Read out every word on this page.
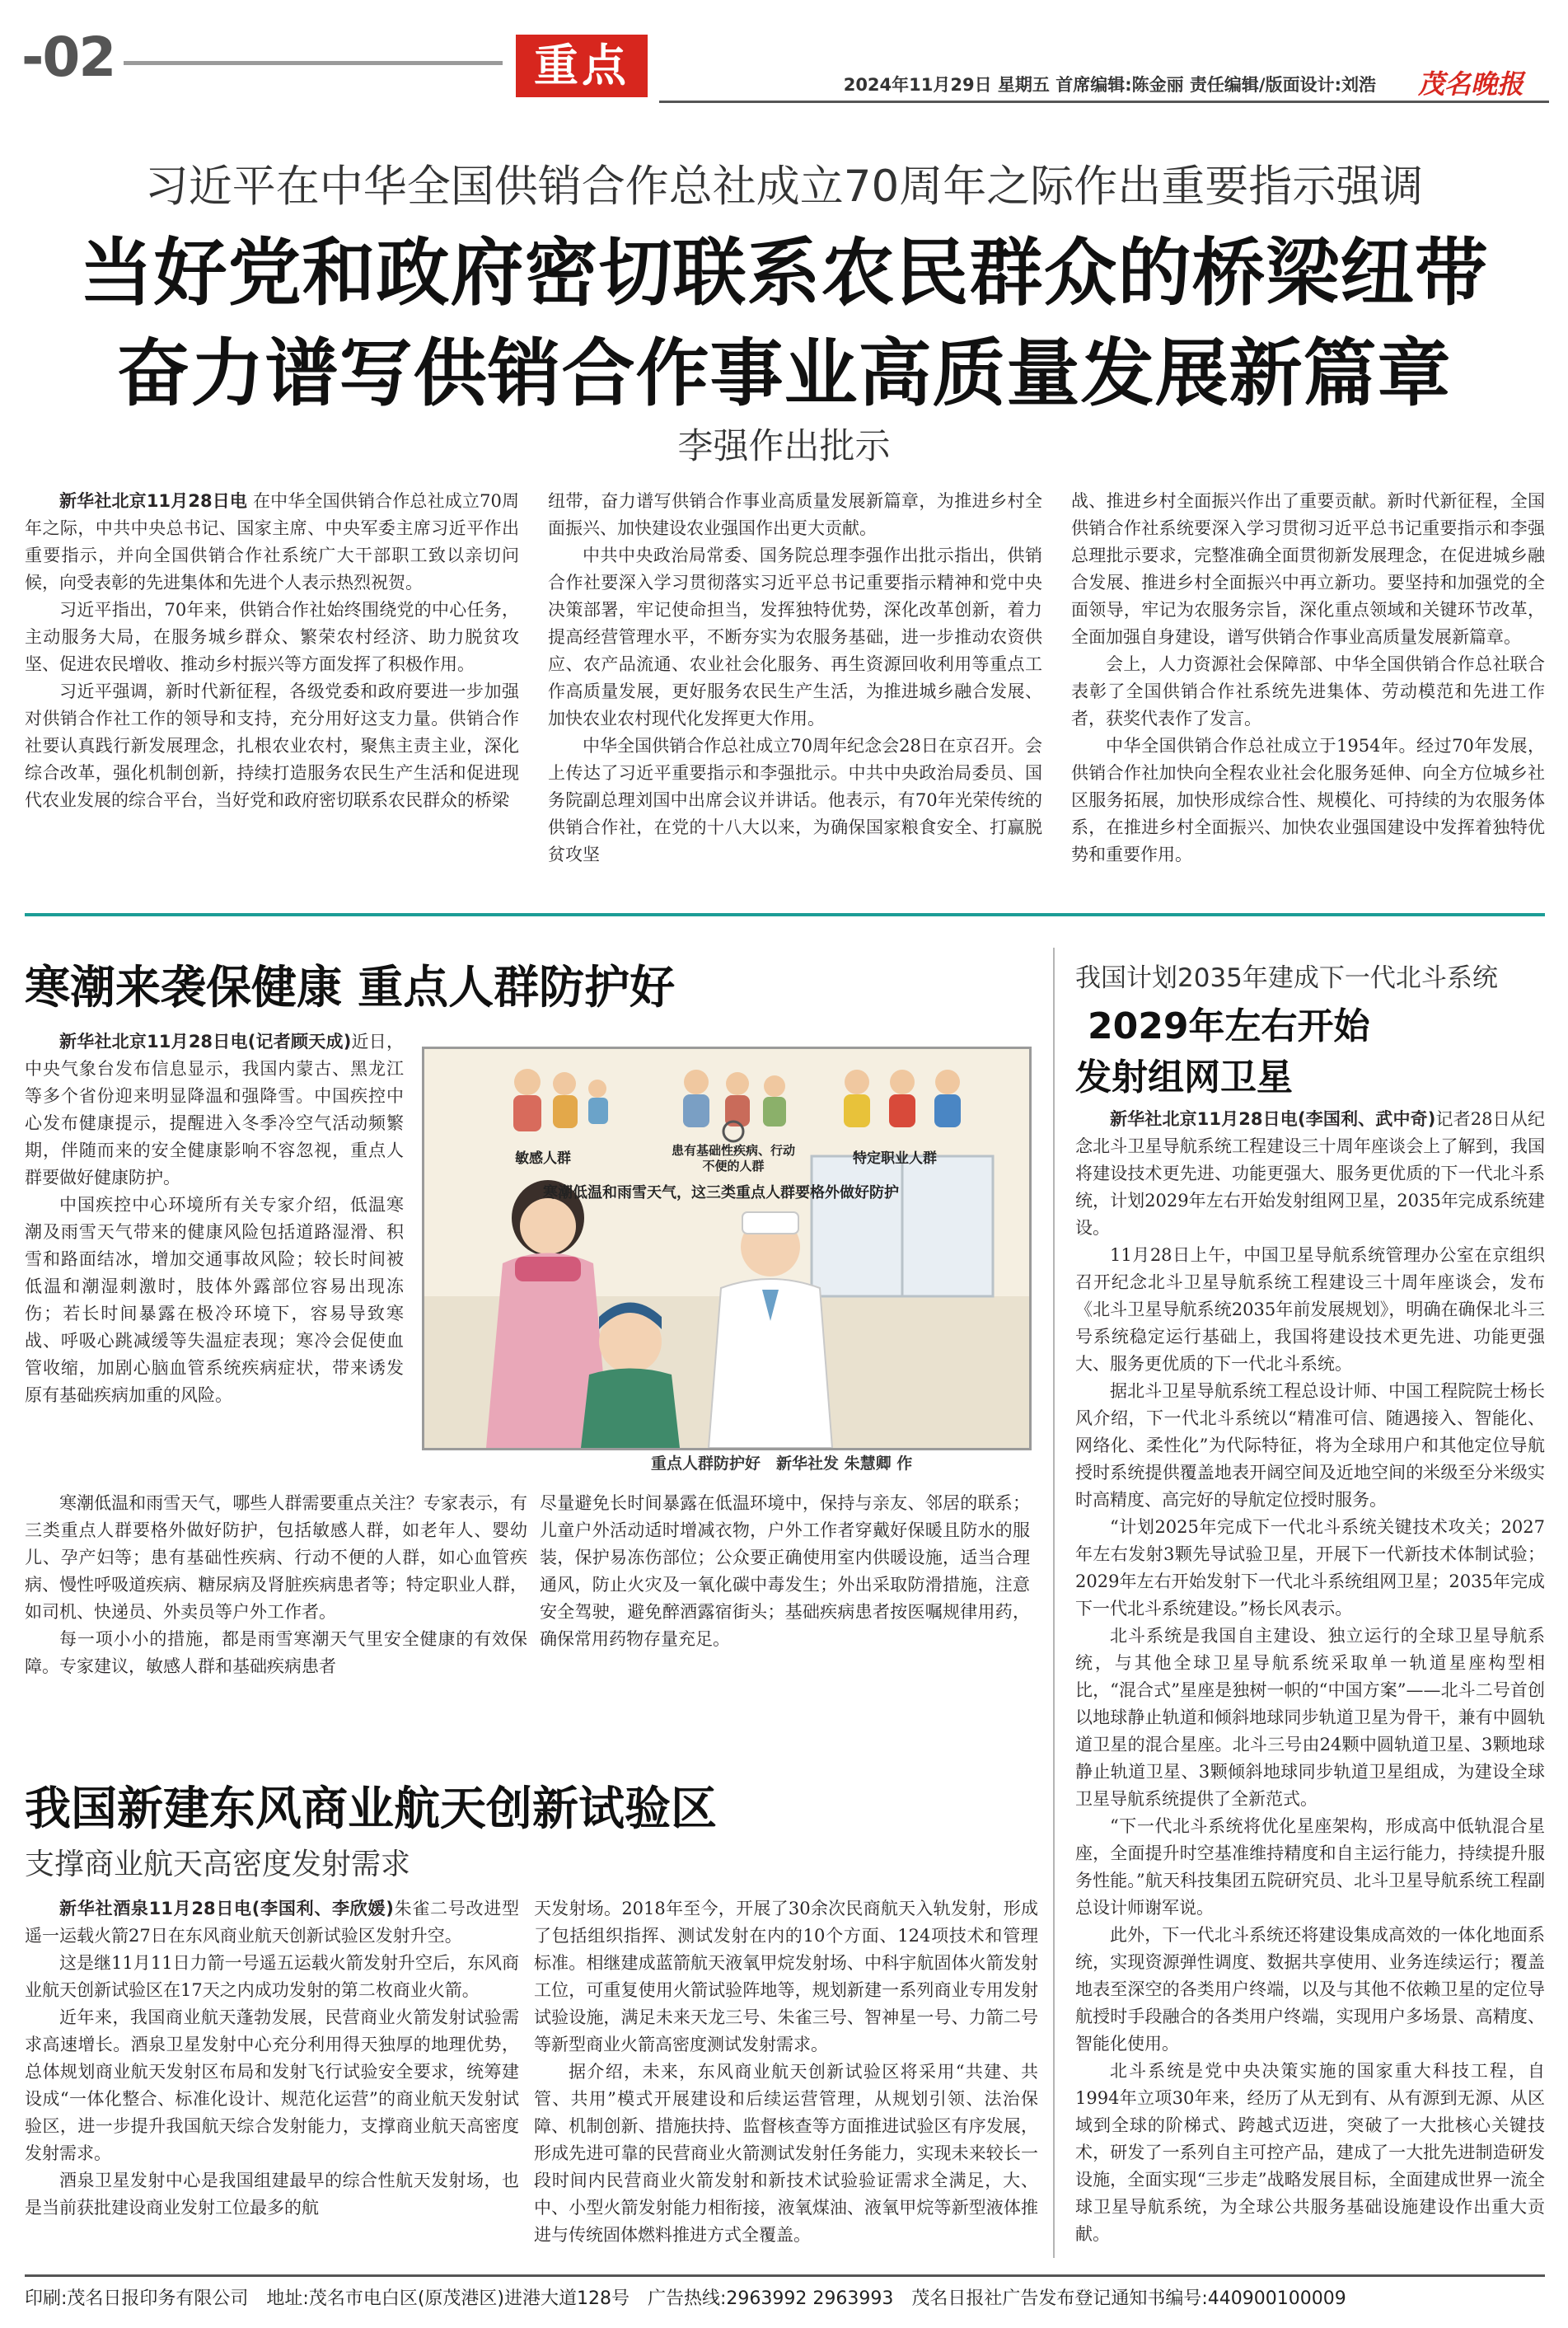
-02	重点	2024年11月29日 星期五 首席编辑:陈金丽 责任编辑/版面设计:刘浩	茂名晚报
习近平在中华全国供销合作总社成立70周年之际作出重要指示强调
当好党和政府密切联系农民群众的桥梁纽带
奋力谱写供销合作事业高质量发展新篇章
李强作出批示

新华社北京11月28日电 在中华全国供销合作总社成立70周年之际，中共中央总书记、国家主席、中央军委主席习近平作出重要指示，并向全国供销合作社系统广大干部职工致以亲切问候，向受表彰的先进集体和先进个人表示热烈祝贺。

习近平指出，70年来，供销合作社始终围绕党的中心任务，主动服务大局，在服务城乡群众、繁荣农村经济、助力脱贫攻坚、促进农民增收、推动乡村振兴等方面发挥了积极作用。

习近平强调，新时代新征程，各级党委和政府要进一步加强对供销合作社工作的领导和支持，充分用好这支力量。供销合作社要认真践行新发展理念，扎根农业农村，聚焦主责主业，深化综合改革，强化机制创新，持续打造服务农民生产生活和促进现代农业发展的综合平台，当好党和政府密切联系农民群众的桥梁

纽带，奋力谱写供销合作事业高质量发展新篇章，为推进乡村全面振兴、加快建设农业强国作出更大贡献。

中共中央政治局常委、国务院总理李强作出批示指出，供销合作社要深入学习贯彻落实习近平总书记重要指示精神和党中央决策部署，牢记使命担当，发挥独特优势，深化改革创新，着力提高经营管理水平，不断夯实为农服务基础，进一步推动农资供应、农产品流通、农业社会化服务、再生资源回收利用等重点工作高质量发展，更好服务农民生产生活，为推进城乡融合发展、加快农业农村现代化发挥更大作用。

中华全国供销合作总社成立70周年纪念会28日在京召开。会上传达了习近平重要指示和李强批示。中共中央政治局委员、国务院副总理刘国中出席会议并讲话。他表示，有70年光荣传统的供销合作社，在党的十八大以来，为确保国家粮食安全、打赢脱贫攻坚

战、推进乡村全面振兴作出了重要贡献。新时代新征程，全国供销合作社系统要深入学习贯彻习近平总书记重要指示和李强总理批示要求，完整准确全面贯彻新发展理念，在促进城乡融合发展、推进乡村全面振兴中再立新功。要坚持和加强党的全面领导，牢记为农服务宗旨，深化重点领域和关键环节改革，全面加强自身建设，谱写供销合作事业高质量发展新篇章。

会上，人力资源社会保障部、中华全国供销合作总社联合表彰了全国供销合作社系统先进集体、劳动模范和先进工作者，获奖代表作了发言。

中华全国供销合作总社成立于1954年。经过70年发展，供销合作社加快向全程农业社会化服务延伸、向全方位城乡社区服务拓展，加快形成综合性、规模化、可持续的为农服务体系，在推进乡村全面振兴、加快农业强国建设中发挥着独特优势和重要作用。

寒潮来袭保健康 重点人群防护好

新华社北京11月28日电(记者顾天成)近日，中央气象台发布信息显示，我国内蒙古、黑龙江等多个省份迎来明显降温和强降雪。中国疾控中心发布健康提示，提醒进入冬季冷空气活动频繁期，伴随而来的安全健康影响不容忽视，重点人群要做好健康防护。

中国疾控中心环境所有关专家介绍，低温寒潮及雨雪天气带来的健康风险包括道路湿滑、积雪和路面结冰，增加交通事故风险；较长时间被低温和潮湿刺激时，肢体外露部位容易出现冻伤；若长时间暴露在极冷环境下，容易导致寒战、呼吸心跳减缓等失温症表现；寒冷会促使血管收缩，加剧心脑血管系统疾病症状，带来诱发原有基础疾病加重的风险。

寒潮低温和雨雪天气，哪些人群需要重点关注？专家表示，有三类重点人群要格外做好防护，包括敏感人群，如老年人、婴幼儿、孕产妇等；患有基础性疾病、行动不便的人群，如心血管疾病、慢性呼吸道疾病、糖尿病及肾脏疾病患者等；特定职业人群，如司机、快递员、外卖员等户外工作者。

每一项小小的措施，都是雨雪寒潮天气里安全健康的有效保障。专家建议，敏感人群和基础疾病患者

尽量避免长时间暴露在低温环境中，保持与亲友、邻居的联系；儿童户外活动适时增减衣物，户外工作者穿戴好保暖且防水的服装，保护易冻伤部位；公众要正确使用室内供暖设施，适当合理通风，防止火灾及一氧化碳中毒发生；外出采取防滑措施，注意安全驾驶，避免醉酒露宿街头；基础疾病患者按医嘱规律用药，确保常用药物存量充足。

敏感人群	患有基础性疾病、行动不便的人群	特定职业人群
寒潮低温和雨雪天气，这三类重点人群要格外做好防护
重点人群防护好　新华社发 朱慧卿 作
我国新建东风商业航天创新试验区
支撑商业航天高密度发射需求

新华社酒泉11月28日电(李国利、李欣媛)朱雀二号改进型遥一运载火箭27日在东风商业航天创新试验区发射升空。

这是继11月11日力箭一号遥五运载火箭发射升空后，东风商业航天创新试验区在17天之内成功发射的第二枚商业火箭。

近年来，我国商业航天蓬勃发展，民营商业火箭发射试验需求高速增长。酒泉卫星发射中心充分利用得天独厚的地理优势，总体规划商业航天发射区布局和发射飞行试验安全要求，统筹建设成“一体化整合、标准化设计、规范化运营”的商业航天发射试验区，进一步提升我国航天综合发射能力，支撑商业航天高密度发射需求。

酒泉卫星发射中心是我国组建最早的综合性航天发射场，也是当前获批建设商业发射工位最多的航

天发射场。2018年至今，开展了30余次民商航天入轨发射，形成了包括组织指挥、测试发射在内的10个方面、124项技术和管理标准。相继建成蓝箭航天液氧甲烷发射场、中科宇航固体火箭发射工位，可重复使用火箭试验阵地等，规划新建一系列商业专用发射试验设施，满足未来天龙三号、朱雀三号、智神星一号、力箭二号等新型商业火箭高密度测试发射需求。

据介绍，未来，东风商业航天创新试验区将采用“共建、共管、共用”模式开展建设和后续运营管理，从规划引领、法治保障、机制创新、措施扶持、监督核查等方面推进试验区有序发展，形成先进可靠的民营商业火箭测试发射任务能力，实现未来较长一段时间内民营商业火箭发射和新技术试验验证需求全满足，大、中、小型火箭发射能力相衔接，液氧煤油、液氧甲烷等新型液体推进与传统固体燃料推进方式全覆盖。

我国计划2035年建成下一代北斗系统
2029年左右开始
发射组网卫星

新华社北京11月28日电(李国利、武中奇)记者28日从纪念北斗卫星导航系统工程建设三十周年座谈会上了解到，我国将建设技术更先进、功能更强大、服务更优质的下一代北斗系统，计划2029年左右开始发射组网卫星，2035年完成系统建设。

11月28日上午，中国卫星导航系统管理办公室在京组织召开纪念北斗卫星导航系统工程建设三十周年座谈会，发布《北斗卫星导航系统2035年前发展规划》，明确在确保北斗三号系统稳定运行基础上，我国将建设技术更先进、功能更强大、服务更优质的下一代北斗系统。

据北斗卫星导航系统工程总设计师、中国工程院院士杨长风介绍，下一代北斗系统以“精准可信、随遇接入、智能化、网络化、柔性化”为代际特征，将为全球用户和其他定位导航授时系统提供覆盖地表开阔空间及近地空间的米级至分米级实时高精度、高完好的导航定位授时服务。

“计划2025年完成下一代北斗系统关键技术攻关；2027年左右发射3颗先导试验卫星，开展下一代新技术体制试验；2029年左右开始发射下一代北斗系统组网卫星；2035年完成下一代北斗系统建设。”杨长风表示。

北斗系统是我国自主建设、独立运行的全球卫星导航系统，与其他全球卫星导航系统采取单一轨道星座构型相比，“混合式”星座是独树一帜的“中国方案”——北斗二号首创以地球静止轨道和倾斜地球同步轨道卫星为骨干，兼有中圆轨道卫星的混合星座。北斗三号由24颗中圆轨道卫星、3颗地球静止轨道卫星、3颗倾斜地球同步轨道卫星组成，为建设全球卫星导航系统提供了全新范式。

“下一代北斗系统将优化星座架构，形成高中低轨混合星座，全面提升时空基准维持精度和自主运行能力，持续提升服务性能。”航天科技集团五院研究员、北斗卫星导航系统工程副总设计师谢军说。

此外，下一代北斗系统还将建设集成高效的一体化地面系统，实现资源弹性调度、数据共享使用、业务连续运行；覆盖地表至深空的各类用户终端，以及与其他不依赖卫星的定位导航授时手段融合的各类用户终端，实现用户多场景、高精度、智能化使用。

北斗系统是党中央决策实施的国家重大科技工程，自1994年立项30年来，经历了从无到有、从有源到无源、从区域到全球的阶梯式、跨越式迈进，突破了一大批核心关键技术，研发了一系列自主可控产品，建成了一大批先进制造研发设施，全面实现“三步走”战略发展目标，全面建成世界一流全球卫星导航系统，为全球公共服务基础设施建设作出重大贡献。

印刷:茂名日报印务有限公司　地址:茂名市电白区(原茂港区)进港大道128号　广告热线:2963992 2963993　茂名日报社广告发布登记通知书编号:440900100009
